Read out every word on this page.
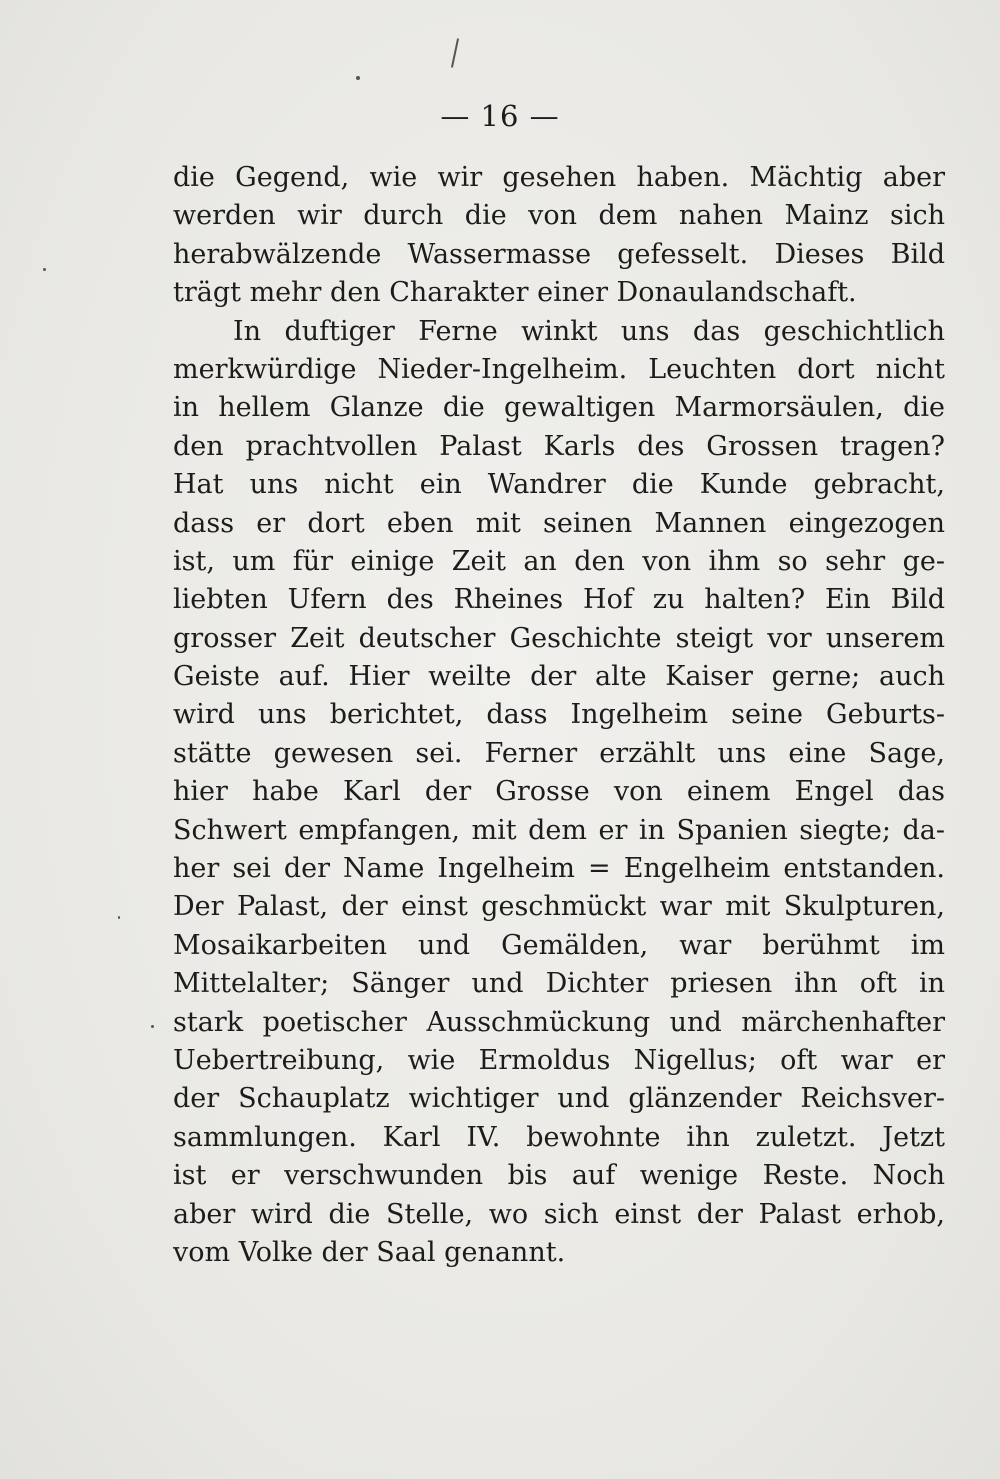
— 16 —
die Gegend, wie wir gesehen haben. Mächtig aber
werden wir durch die von dem nahen Mainz sich
herabwälzende Wassermasse gefesselt. Dieses Bild
trägt mehr den Charakter einer Donaulandschaft.
In duftiger Ferne winkt uns das geschichtlich
merkwürdige Nieder-Ingelheim. Leuchten dort nicht
in hellem Glanze die gewaltigen Marmorsäulen, die
den prachtvollen Palast Karls des Grossen tragen?
Hat uns nicht ein Wandrer die Kunde gebracht,
dass er dort eben mit seinen Mannen eingezogen
ist, um für einige Zeit an den von ihm so sehr ge-
liebten Ufern des Rheines Hof zu halten? Ein Bild
grosser Zeit deutscher Geschichte steigt vor unserem
Geiste auf. Hier weilte der alte Kaiser gerne; auch
wird uns berichtet, dass Ingelheim seine Geburts-
stätte gewesen sei. Ferner erzählt uns eine Sage,
hier habe Karl der Grosse von einem Engel das
Schwert empfangen, mit dem er in Spanien siegte; da-
her sei der Name Ingelheim = Engelheim entstanden.
Der Palast, der einst geschmückt war mit Skulpturen,
Mosaikarbeiten und Gemälden, war berühmt im
Mittelalter; Sänger und Dichter priesen ihn oft in
stark poetischer Ausschmückung und märchenhafter
Uebertreibung, wie Ermoldus Nigellus; oft war er
der Schauplatz wichtiger und glänzender Reichsver-
sammlungen. Karl IV. bewohnte ihn zuletzt. Jetzt
ist er verschwunden bis auf wenige Reste. Noch
aber wird die Stelle, wo sich einst der Palast erhob,
vom Volke der Saal genannt.
